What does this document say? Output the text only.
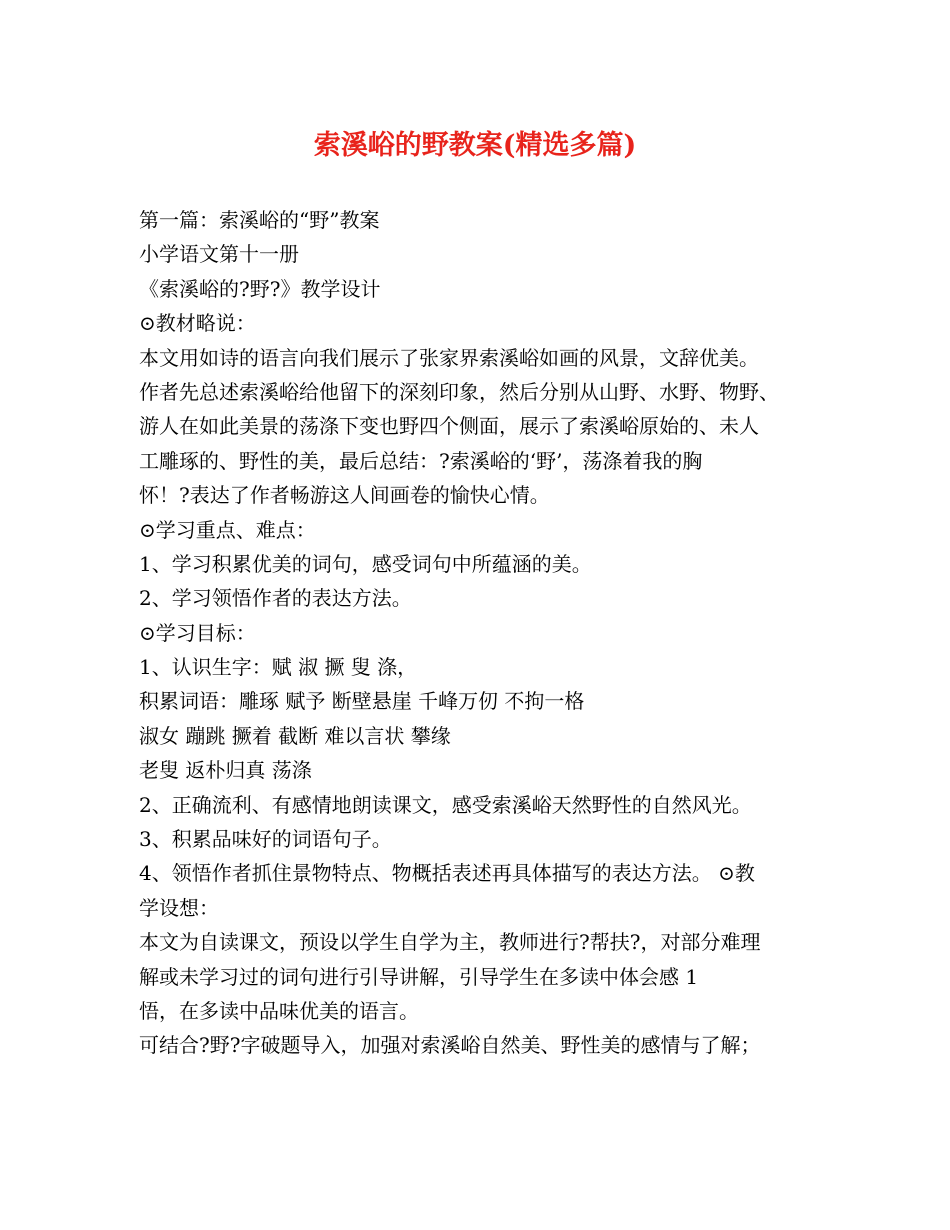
索溪峪的野教案(精选多篇)
第一篇：索溪峪的“野”教案
小学语文第十一册
《索溪峪的?野?》教学设计
⊙教材略说：
本文用如诗的语言向我们展示了张家界索溪峪如画的风景，文辞优美。
作者先总述索溪峪给他留下的深刻印象，然后分别从山野、水野、物野、
游人在如此美景的荡涤下变也野四个侧面，展示了索溪峪原始的、未人
工雕琢的、野性的美，最后总结：?索溪峪的‘野’，荡涤着我的胸
怀！?表达了作者畅游这人间画卷的愉快心情。
⊙学习重点、难点：
1、学习积累优美的词句，感受词句中所蕴涵的美。
2、学习领悟作者的表达方法。
⊙学习目标：
1、认识生字：赋 淑 撅 叟 涤，
积累词语：雕琢 赋予 断壁悬崖 千峰万仞 不拘一格
淑女 蹦跳 撅着 截断 难以言状 攀缘
老叟 返朴归真 荡涤
2、正确流利、有感情地朗读课文，感受索溪峪天然野性的自然风光。
3、积累品味好的词语句子。
4、领悟作者抓住景物特点、物概括表述再具体描写的表达方法。 ⊙教
学设想：
本文为自读课文，预设以学生自学为主，教师进行?帮扶?，对部分难理
解或未学习过的词句进行引导讲解，引导学生在多读中体会感 1
悟，在多读中品味优美的语言。
可结合?野?字破题导入，加强对索溪峪自然美、野性美的感情与了解；
